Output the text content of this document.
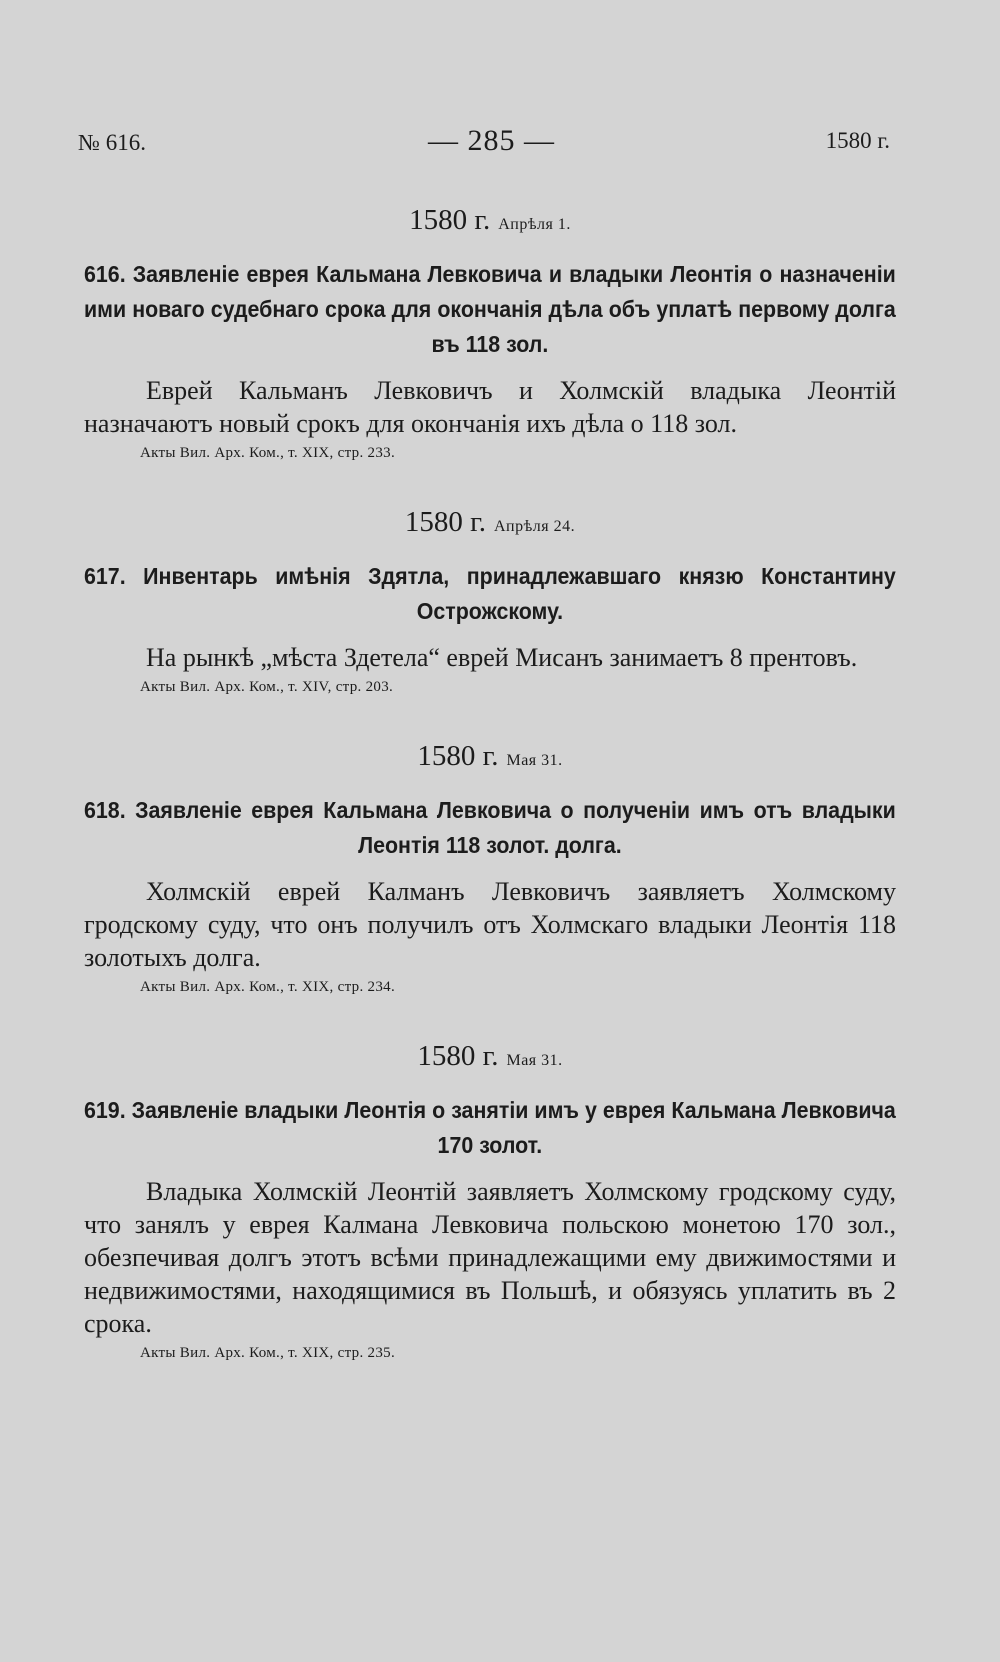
№ 616.	— 285 —	1580 г.
1580 г. Апрѣля 1.

616. Заявленіе еврея Кальмана Левковича и владыки Леонтія о назначеніи ими новаго судебнаго срока для окончанія дѣла объ уплатѣ первому долга въ 118 зол.

Еврей Кальманъ Левковичъ и Холмскій владыка Леонтій назначаютъ новый срокъ для окончанія ихъ дѣла о 118 зол.

Акты Вил. Арх. Ком., т. XIX, стр. 233.
1580 г. Апрѣля 24.

617. Инвентарь имѣнія Здятла, принадлежавшаго князю Константину Острожскому.

На рынкѣ „мѣста Здетела“ еврей Мисанъ занимаетъ 8 прентовъ.

Акты Вил. Арх. Ком., т. XIV, стр. 203.
1580 г. Мая 31.

618. Заявленіе еврея Кальмана Левковича о полученіи имъ отъ владыки Леонтія 118 золот. долга.

Холмскій еврей Калманъ Левковичъ заявляетъ Холмскому гродскому суду, что онъ получилъ отъ Холмскаго владыки Леонтія 118 золотыхъ долга.

Акты Вил. Арх. Ком., т. XIX, стр. 234.
1580 г. Мая 31.

619. Заявленіе владыки Леонтія о занятіи имъ у еврея Кальмана Левковича 170 золот.

Владыка Холмскій Леонтій заявляетъ Холмскому гродскому суду, что занялъ у еврея Калмана Левковича польскою монетою 170 зол., обезпечивая долгъ этотъ всѣми принадлежащими ему движимостями и недвижимостями, находящимися въ Польшѣ, и обязуясь уплатить въ 2 срока.

Акты Вил. Арх. Ком., т. XIX, стр. 235.
